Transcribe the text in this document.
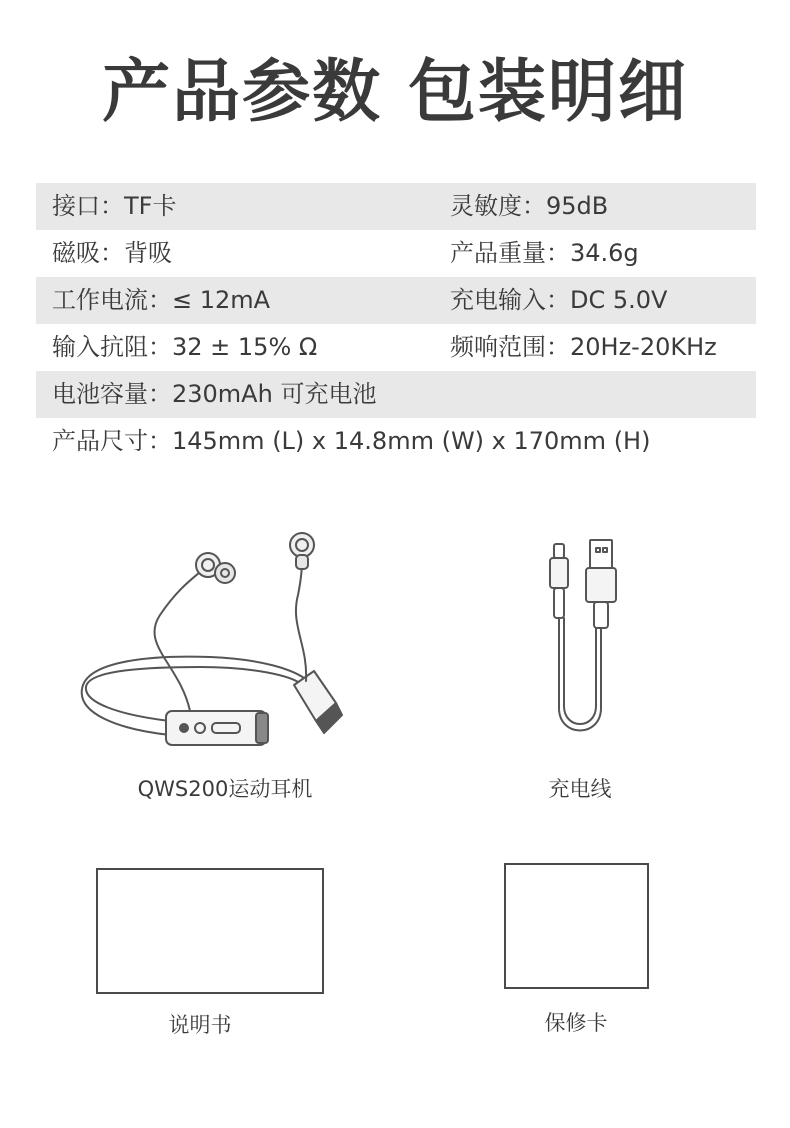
产品参数 包装明细
接口：TF卡	灵敏度：95dB
磁吸：背吸	产品重量：34.6g
工作电流：≤ 12mA	充电输入：DC 5.0V
输入抗阻：32 ± 15% Ω	频响范围：20Hz-20KHz
电池容量：230mAh 可充电池
产品尺寸：145mm (L) x 14.8mm (W) x 170mm (H)
QWS200运动耳机	充电线
说明书	保修卡
